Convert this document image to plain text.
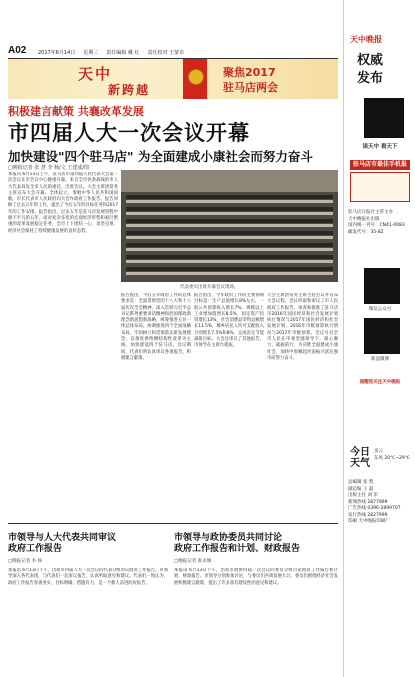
A02 2017年6月14日 星期三 责任编辑 戴 红 责任校对 王蒙卓
天中
新跨越
聚焦2017
驻马店两会
积极建言献策 共襄改革发展
市四届人大一次会议开幕
加快建设"四个驻马店" 为全面建成小康社会而努力奋斗
□晚报记者 张 慧 李 杨/文 王建成/图
本报讯 6月13日上午，驻马店市第四届人民代表大会第一次会议在市会议中心隆重开幕。来自全市各条战线的市人大代表肩负全市人民的重托，出席会议。大会主席团常务主席宣布大会开幕。全体起立，奏唱中华人民共和国国歌。市长代表市人民政府向大会作政府工作报告。报告回顾了过去五年的工作，提出了今后五年的目标任务和2017年的工作安排。报告指出，过去五年是驻马店发展进程中极不平凡的五年。面对复杂多变的宏观经济形势和艰巨繁重的改革发展稳定任务，全市上下团结一心、攻坚克难，经济社会保持了持续健康发展的良好态势。
代表委员出席开幕会议现场。
报告提出，今后五年政府工作的总体要求是：全面贯彻党的十八大和十八届历次全会精神，深入贯彻习近平总书记系列重要讲话精神和治国理政新理念新思想新战略，统筹推进五位一体总体布局，协调推进四个全面战略布局，牢固树立和贯彻落实新发展理念，以推进供给侧结构性改革为主线，加快建设四个驻马店。会议期间，代表们将认真审议各项报告，积极建言献策。
报告指出，今年政府工作的主要预期目标是：生产总值增长8%左右，一般公共预算收入增长7%，规模以上工业增加值增长8.5%，固定资产投资增长13%，社会消费品零售总额增长11.5%，城乡居民人均可支配收入分别增长7.5%和8%，完成省定节能减排目标。大会还审议了其他报告。市领导在主席台就座。
大会主席团常务主席主持会议并宣布大会议程。会议听取和审议了市人民政府工作报告，审查和批准了驻马店市2016年国民经济和社会发展计划执行情况与2017年国民经济和社会发展计划，2016年市级预算执行情况与2017年市级预算。会议号召全市人民在市委坚强领导下，凝心聚力、砥砺前行，为决胜全面建成小康社会、加快中原崛起河南振兴富民强市而努力奋斗。
市领导与人大代表共同审议
政府工作报告
□晚报记者 李 杨
本报讯 6月13日下午，出席市四届人大一次会议的代表分组审议政府工作报告。市领导深入各代表团，与代表们一起审议报告，认真听取意见和建议。代表们一致认为，政府工作报告客观务实、目标明确、措施有力，是一个催人奋进的好报告。
市领导与政协委员共同讨论
政府工作报告和计划、财政报告
□晚报记者 张永城
本报讯 6月13日下午，出席市政协四届一次会议的委员分组讨论政府工作报告和计划、财政报告。市领导分别参加讨论，与委员们共商发展大计。委员们围绕经济社会发展积极建言献策，提出了许多富有建设性的意见和建议。
天中晚报
权威
发布
读天中 看天下
驻马店市最佳手机报
驻马店日报社主管主办
天中晚报社出版
国内统一刊号：CN41-0083
邮发代号：35-82
微信公众号
新浪微博
提醒您关注天中晚报
今日
天气
多云
东风 20℃~29℃
总编辑 张 凯
副总编 王 磊
出版主任 刘 军
新闻热线 2877999
广告热线 0396-2899707
发行热线 2827999
印刷 天中晚报印刷厂
